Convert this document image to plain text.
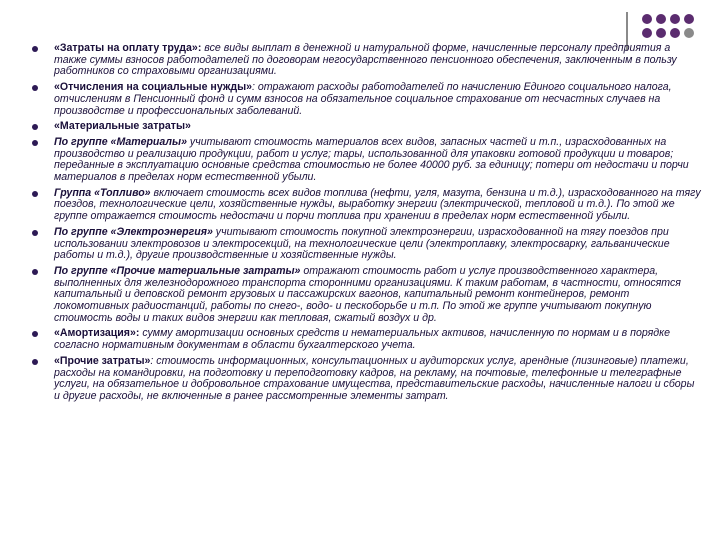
«Затраты на оплату труда»: все виды выплат в денежной и натуральной форме, начисленные персоналу предприятия а также суммы взносов работодателей по договорам негосударственного пенсионного обеспечения, заключенным в пользу работников со страховыми организациями.
«Отчисления на социальные нужды»: отражают расходы работодателей по начислению Единого социального налога, отчислениям в Пенсионный фонд и сумм взносов на обязательное социальное страхование от несчастных случаев на производстве и профессиональных заболеваний.
«Материальные затраты»
По группе «Материалы» учитывают стоимость материалов всех видов, запасных частей и т.п., израсходованных на производство и реализацию продукции, работ и услуг; тары, использованной для упаковки готовой продукции и товаров; переданные в эксплуатацию основные средства стоимостью не более 40000 руб. за единицу; потери от недостачи и порчи материалов в пределах норм естественной убыли.
Группа «Топливо» включает стоимость всех видов топлива (нефти, угля, мазута, бензина и т.д.), израсходованного на тягу поездов, технологические цели, хозяйственные нужды, выработку энергии (электрической, тепловой и т.д.). По этой же группе отражается стоимость недостачи и порчи топлива при хранении в пределах норм естественной убыли.
По группе «Электроэнергия» учитывают стоимость покупной электроэнергии, израсходованной на тягу поездов при использовании электровозов и электросекций, на технологические цели (электроплавку, электросварку, гальванические работы и т.д.), другие производственные и хозяйственные нужды.
По группе «Прочие материальные затраты» отражают стоимость работ и услуг производственного характера, выполненных для железнодорожного транспорта сторонними организациями. К таким работам, в частности, относятся капитальный и деповской ремонт грузовых и пассажирских вагонов, капитальный ремонт контейнеров, ремонт локомотивных радиостанций, работы по снего-, водо- и пескоборьбе и т.п. По этой же группе учитывают покупную стоимость воды и таких видов энергии как тепловая, сжатый воздух и др.
«Амортизация»: сумму амортизации основных средств и нематериальных активов, начисленную по нормам и в порядке согласно нормативным документам в области бухгалтерского учета.
«Прочие затраты»: стоимость информационных, консультационных и аудиторских услуг, арендные (лизинговые) платежи, расходы на командировки, на подготовку и переподготовку кадров, на рекламу, на почтовые, телефонные и телеграфные услуги, на обязательное и добровольное страхование имущества, представительские расходы, начисленные налоги и сборы и другие расходы, не включенные в ранее рассмотренные элементы затрат.
